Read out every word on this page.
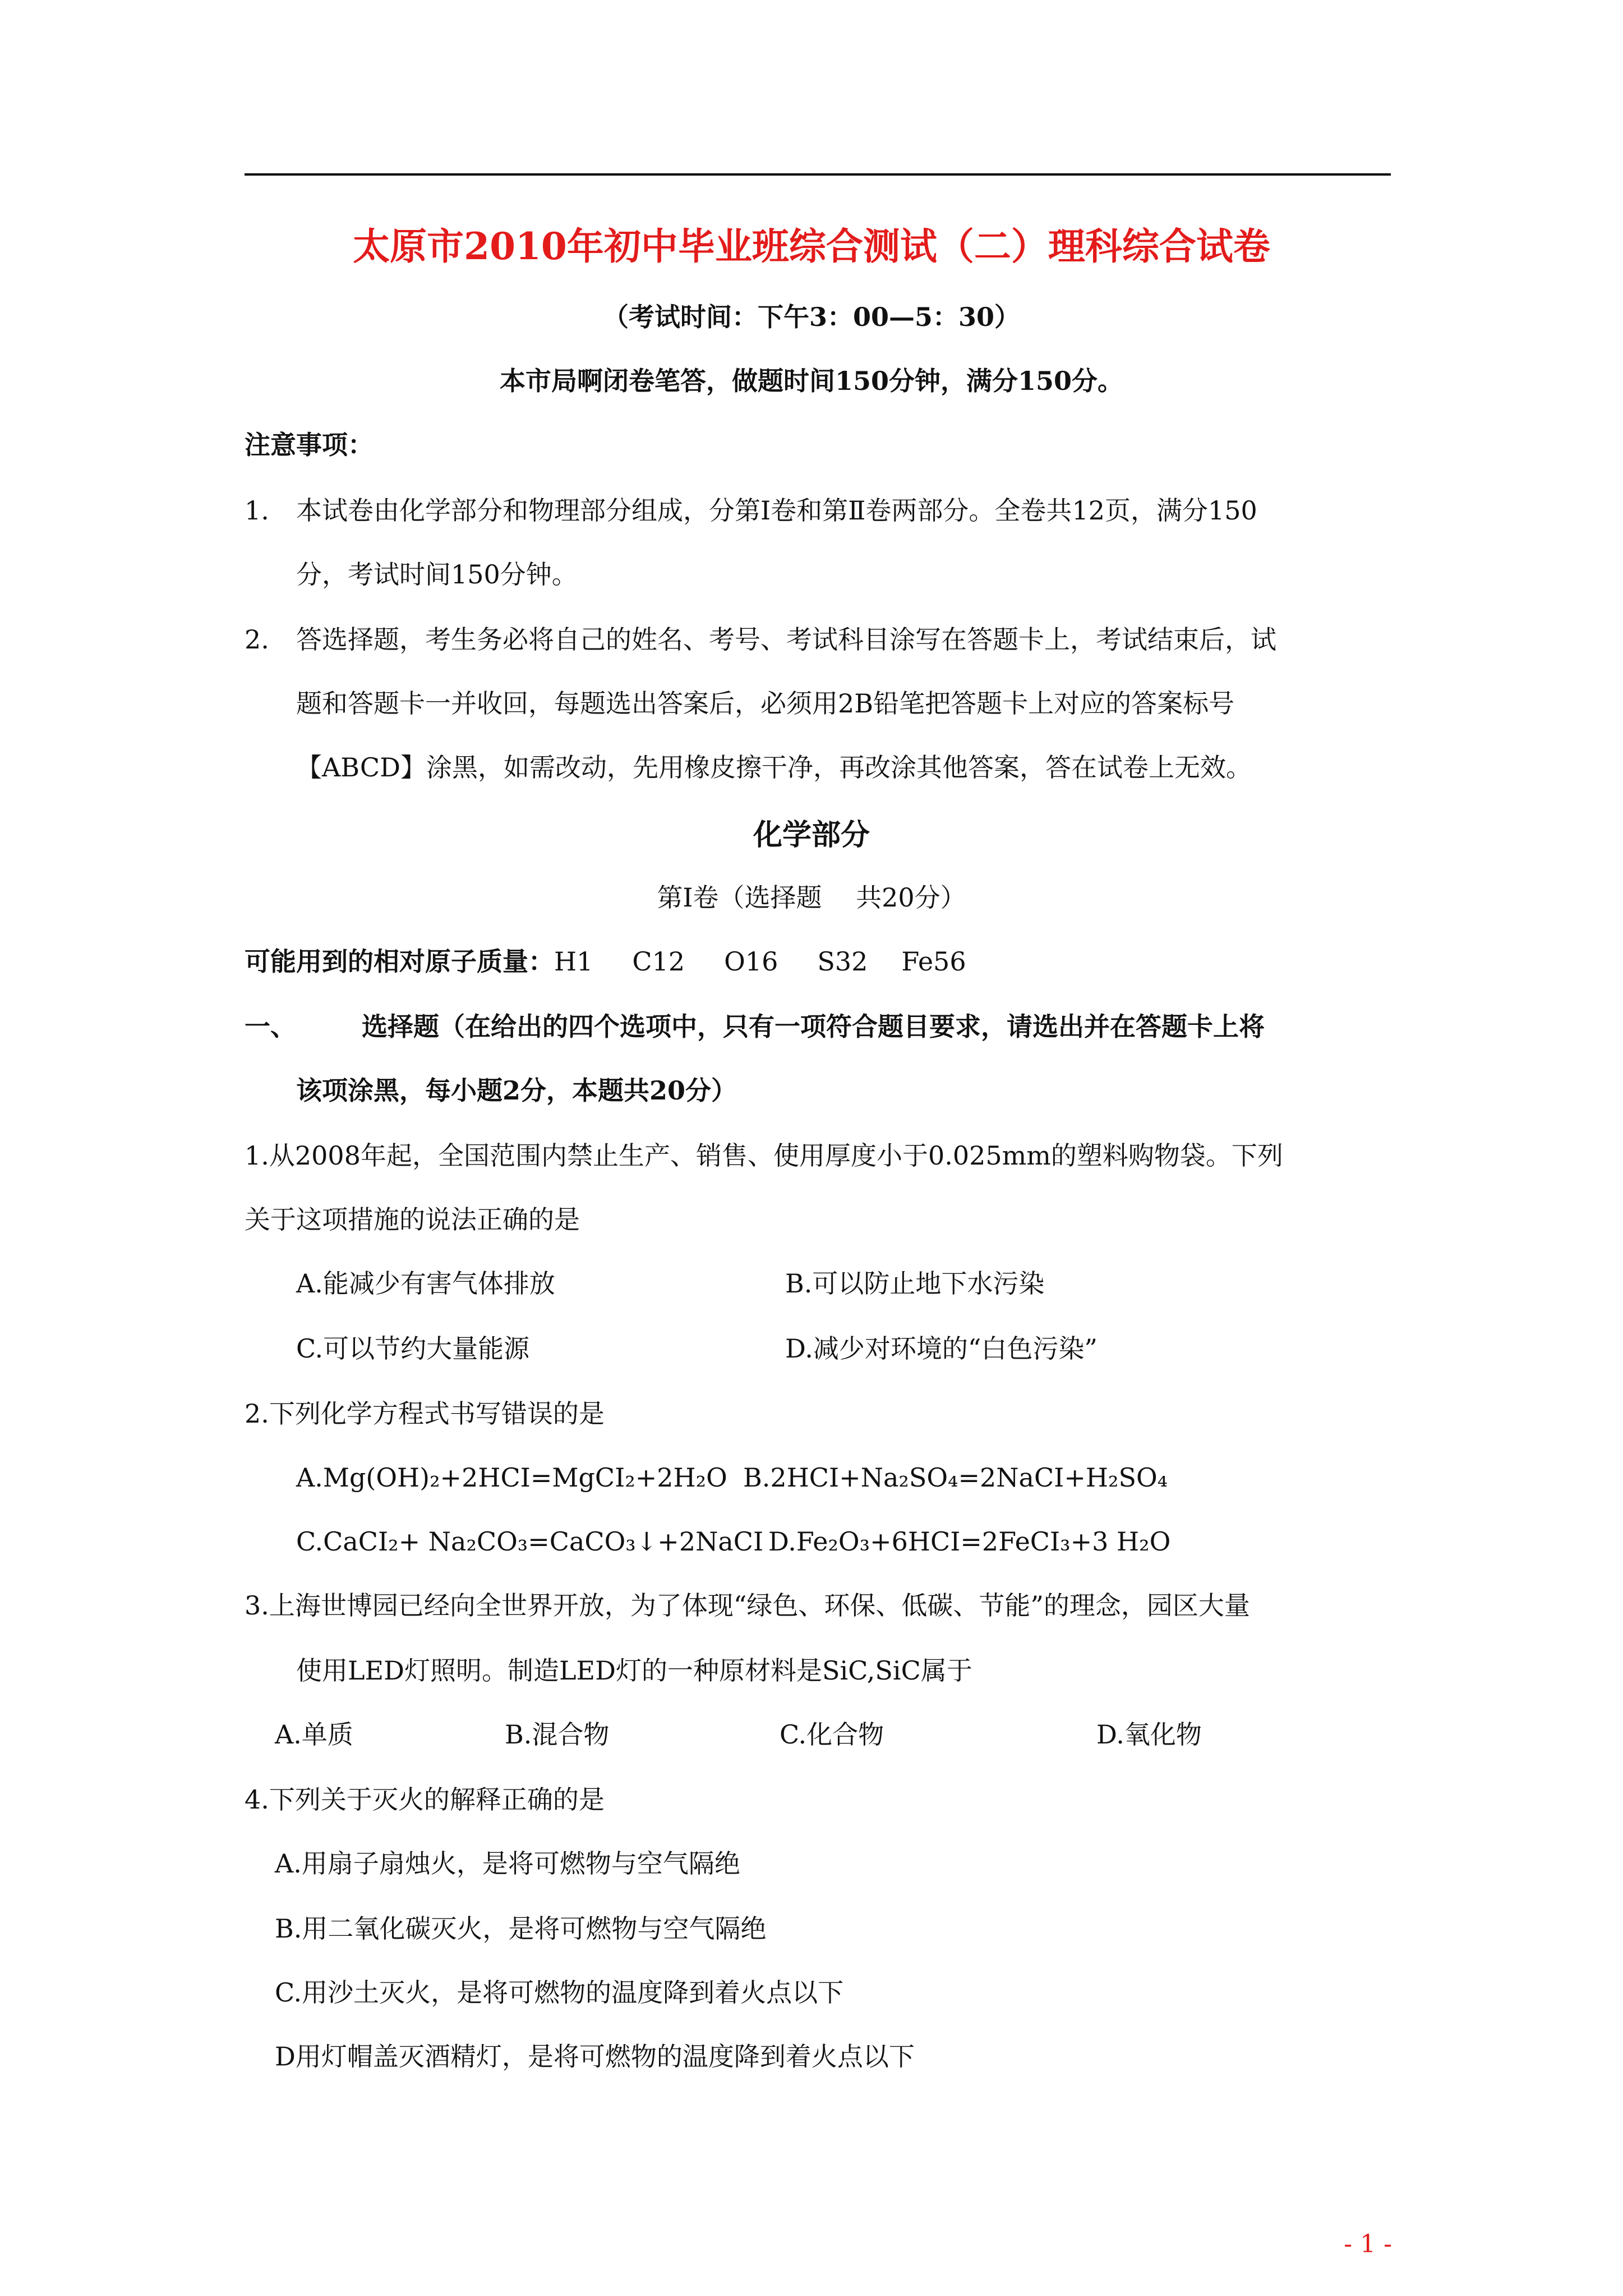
太原市2010年初中毕业班综合测试（二）理科综合试卷
（考试时间：下午3：00—5：30）
本市局啊闭卷笔答，做题时间150分钟，满分150分。
注意事项：
1. 本试卷由化学部分和物理部分组成，分第Ⅰ卷和第Ⅱ卷两部分。全卷共12页，满分150
分，考试时间150分钟。
2. 答选择题，考生务必将自己的姓名、考号、考试科目涂写在答题卡上，考试结束后，试
题和答题卡一并收回，每题选出答案后，必须用2B铅笔把答题卡上对应的答案标号
【ABCD】涂黑，如需改动，先用橡皮擦干净，再改涂其他答案，答在试卷上无效。
化学部分
第Ⅰ卷（选择题　 共20分）
可能用到的相对原子质量：H1 C12 O16 S32 Fe56
一、	选择题（在给出的四个选项中，只有一项符合题目要求，请选出并在答题卡上将
该项涂黑，每小题2分，本题共20分）
1.从2008年起，全国范围内禁止生产、销售、使用厚度小于0.025mm的塑料购物袋。下列
关于这项措施的说法正确的是
A.能减少有害气体排放	B.可以防止地下水污染
C.可以节约大量能源	D.减少对环境的“白色污染”
2.下列化学方程式书写错误的是
A.Mg(OH)₂+2HCI=MgCI₂+2H₂O B.2HCI+Na₂SO₄=2NaCI+H₂SO₄
C.CaCI₂+ Na₂CO₃=CaCO₃↓+2NaCI D.Fe₂O₃+6HCI=2FeCI₃+3 H₂O
3.上海世博园已经向全世界开放，为了体现“绿色、环保、低碳、节能”的理念，园区大量
使用LED灯照明。制造LED灯的一种原材料是SiC,SiC属于
A.单质	B.混合物	C.化合物	D.氧化物
4.下列关于灭火的解释正确的是
A.用扇子扇烛火，是将可燃物与空气隔绝
B.用二氧化碳灭火，是将可燃物与空气隔绝
C.用沙土灭火，是将可燃物的温度降到着火点以下
D用灯帽盖灭酒精灯，是将可燃物的温度降到着火点以下
- 1 -
